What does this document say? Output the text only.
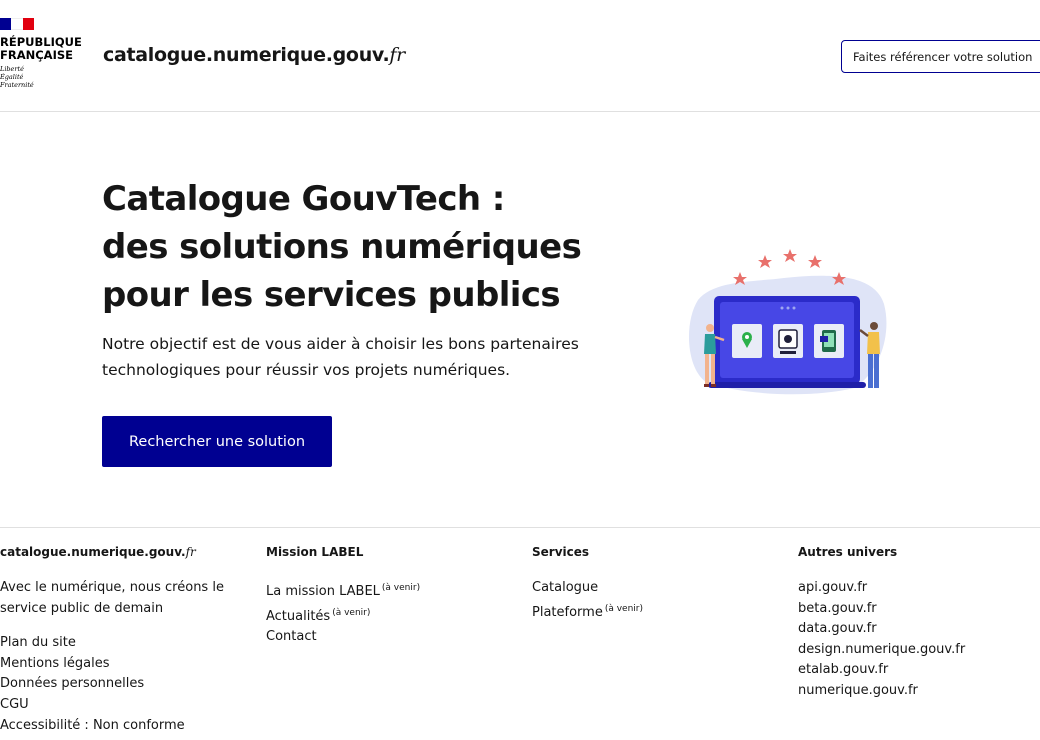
RÉPUBLIQUE
FRANÇAISE
Liberté
Égalité
Fraternité
catalogue.numerique.gouv.fr	Faites référencer votre solution
Catalogue GouvTech :
des solutions numériques
pour les services publics

Notre objectif est de vous aider à choisir les bons partenaires
technologiques pour réussir vos projets numériques.

Rechercher une solution
catalogue.numerique.gouv.fr
Avec le numérique, nous créons le
service public de demain
Plan du site
Mentions légales
Données personnelles
CGU
Accessibilité : Non conforme
Mission LABEL
La mission LABEL $^{(à venir)}$
Actualités $^{(à venir)}$
Contact
Services
Catalogue
Plateforme $^{(à venir)}$
Autres univers
api.gouv.fr
beta.gouv.fr
data.gouv.fr
design.numerique.gouv.fr
etalab.gouv.fr
numerique.gouv.fr
